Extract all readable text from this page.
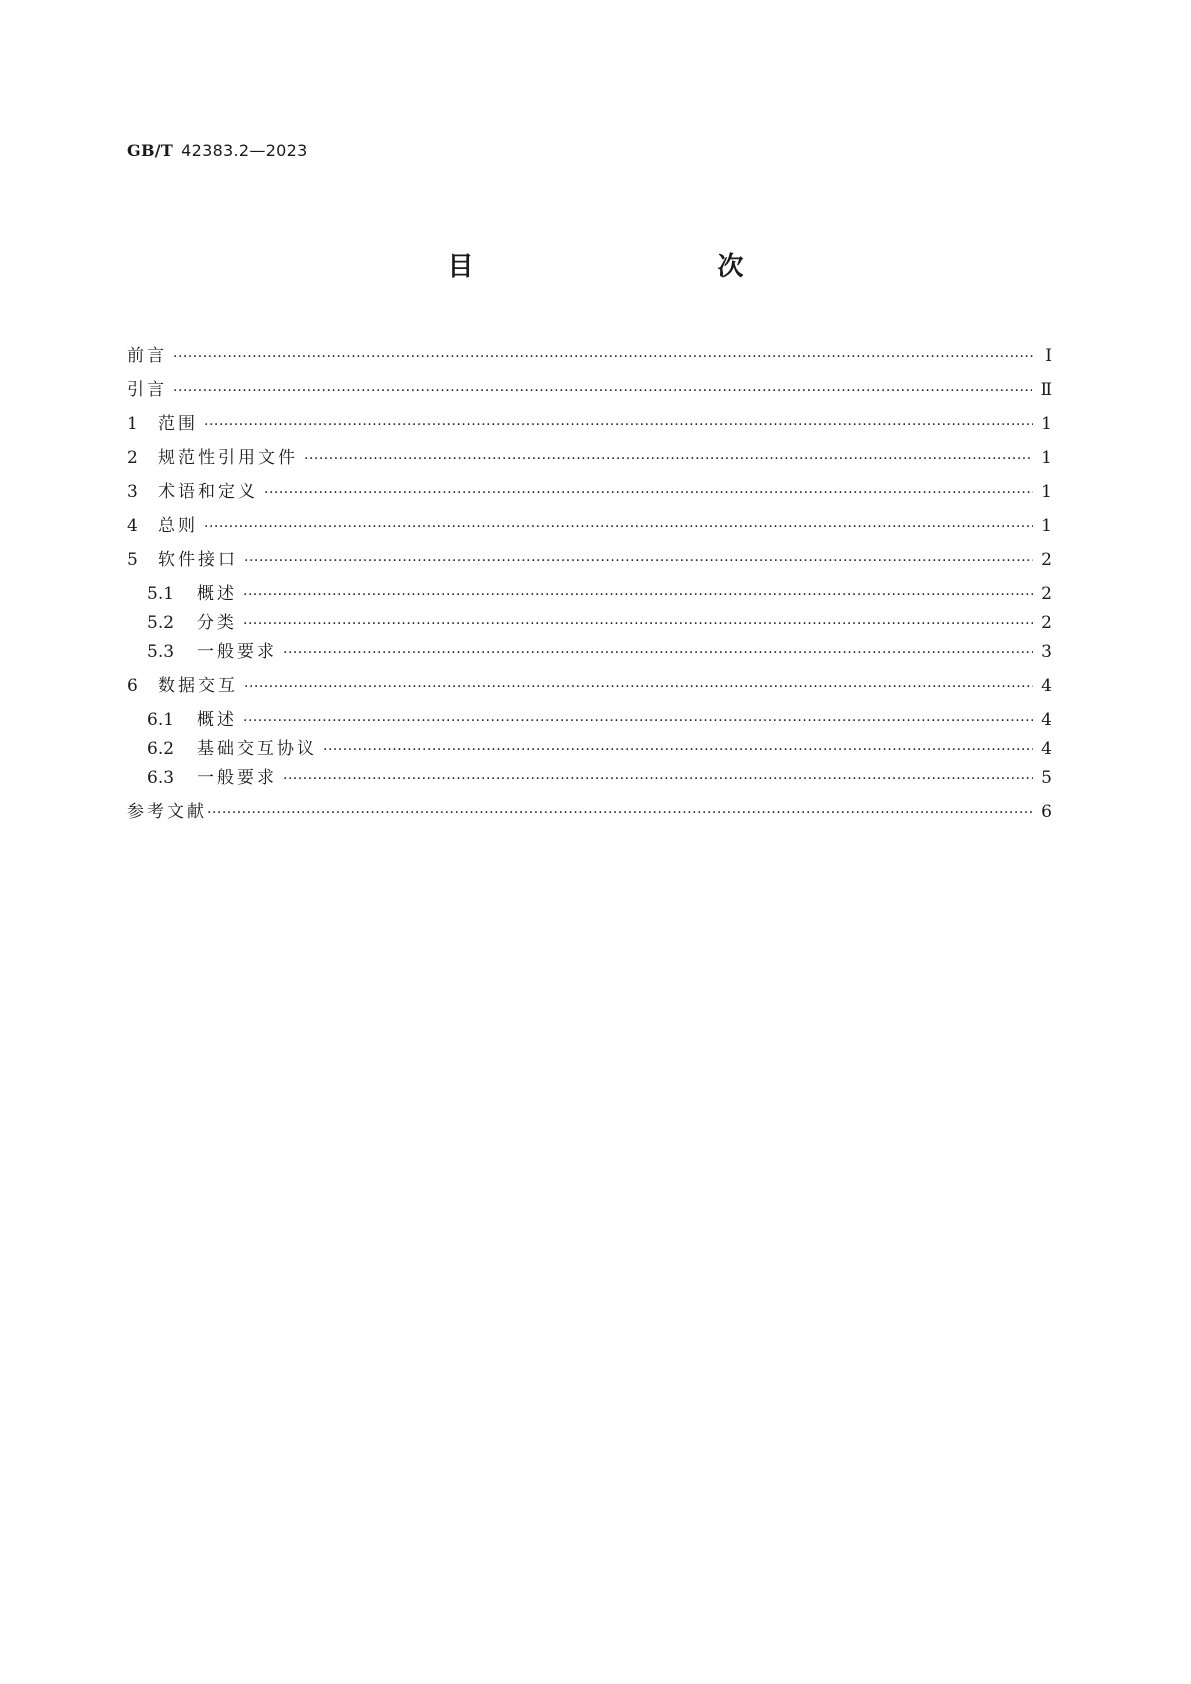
GB/T 42383.2—2023
目　　次
前言 ·····	Ⅰ
引言 ·····	Ⅱ
1	范围 ·····	1
2	规范性引用文件 ·····	1
3	术语和定义 ·····	1
4	总则 ·····	1
5	软件接口 ·····	2
5.1	概述 ·····	2
5.2	分类 ·····	2
5.3	一般要求 ·····	3
6	数据交互 ·····	4
6.1	概述 ·····	4
6.2	基础交互协议 ·····	4
6.3	一般要求 ·····	5
参考文献 ·····	6
